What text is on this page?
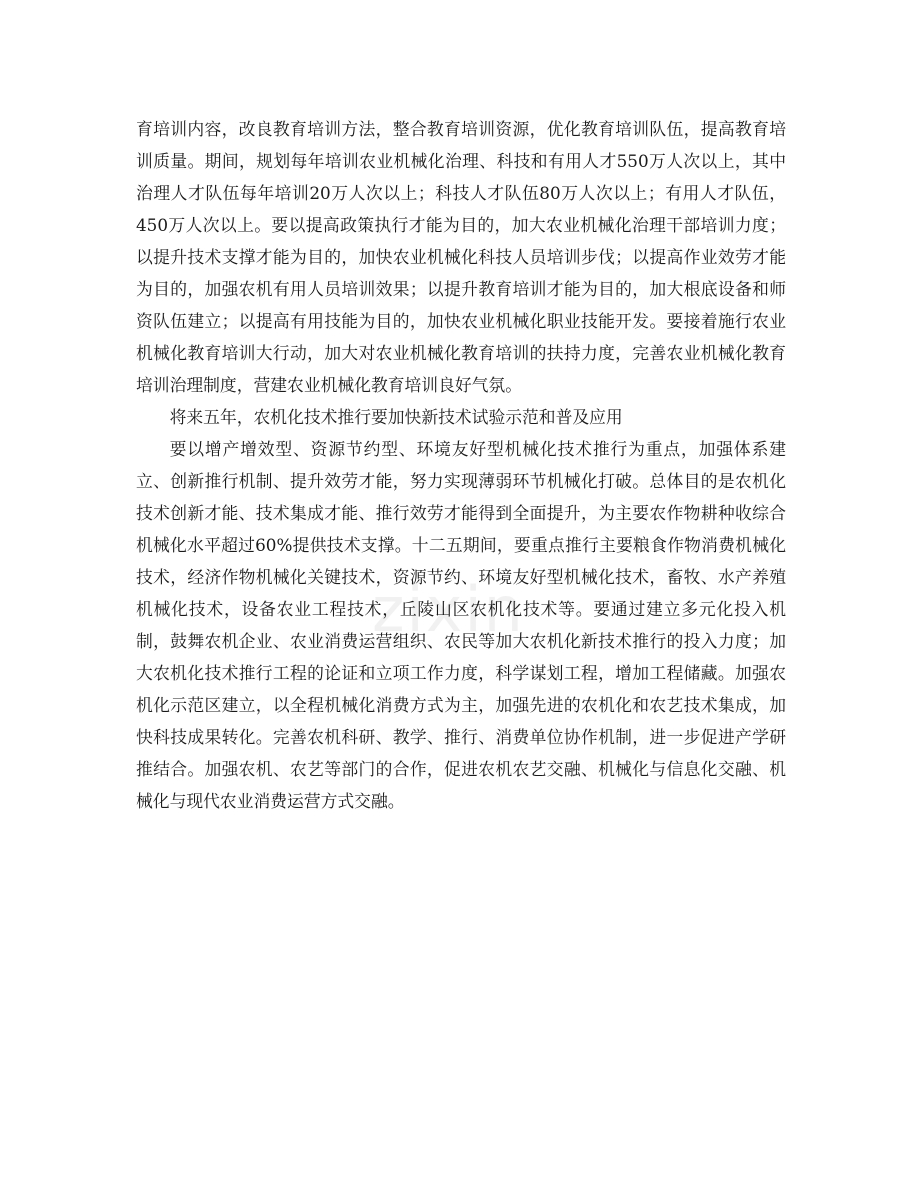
育培训内容，改良教育培训方法，整合教育培训资源，优化教育培训队伍，提高教育培训质量。期间，规划每年培训农业机械化治理、科技和有用人才550万人次以上，其中治理人才队伍每年培训20万人次以上；科技人才队伍80万人次以上；有用人才队伍，450万人次以上。要以提高政策执行才能为目的，加大农业机械化治理干部培训力度；以提升技术支撑才能为目的，加快农业机械化科技人员培训步伐；以提高作业效劳才能为目的，加强农机有用人员培训效果；以提升教育培训才能为目的，加大根底设备和师资队伍建立；以提高有用技能为目的，加快农业机械化职业技能开发。要接着施行农业机械化教育培训大行动，加大对农业机械化教育培训的扶持力度，完善农业机械化教育培训治理制度，营建农业机械化教育培训良好气氛。

将来五年，农机化技术推行要加快新技术试验示范和普及应用

要以增产增效型、资源节约型、环境友好型机械化技术推行为重点，加强体系建立、创新推行机制、提升效劳才能，努力实现薄弱环节机械化打破。总体目的是农机化技术创新才能、技术集成才能、推行效劳才能得到全面提升，为主要农作物耕种收综合机械化水平超过60%提供技术支撑。十二五期间，要重点推行主要粮食作物消费机械化技术，经济作物机械化关键技术，资源节约、环境友好型机械化技术，畜牧、水产养殖机械化技术，设备农业工程技术，丘陵山区农机化技术等。要通过建立多元化投入机制，鼓舞农机企业、农业消费运营组织、农民等加大农机化新技术推行的投入力度；加大农机化技术推行工程的论证和立项工作力度，科学谋划工程，增加工程储藏。加强农机化示范区建立，以全程机械化消费方式为主，加强先进的农机化和农艺技术集成，加快科技成果转化。完善农机科研、教学、推行、消费单位协作机制，进一步促进产学研推结合。加强农机、农艺等部门的合作，促进农机农艺交融、机械化与信息化交融、机械化与现代农业消费运营方式交融。

zixin
